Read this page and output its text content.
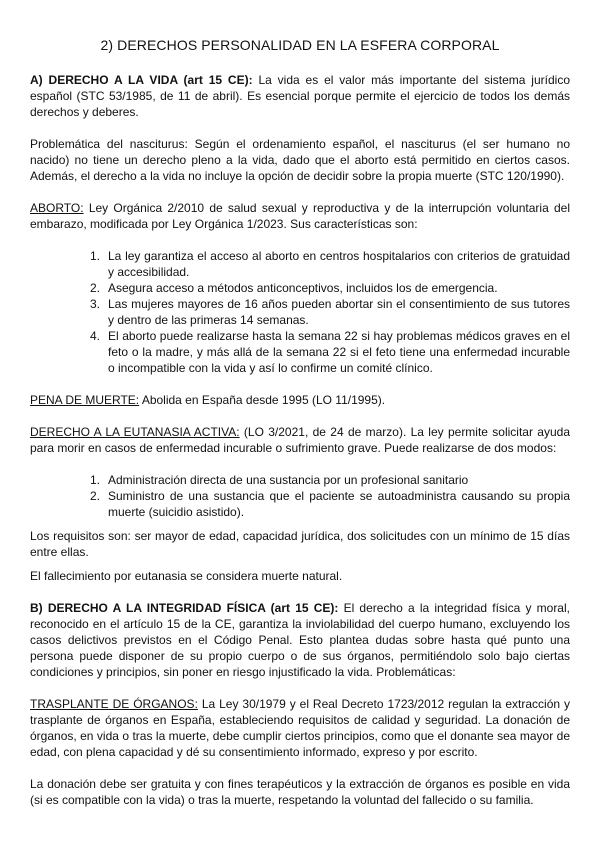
2) DERECHOS PERSONALIDAD EN LA ESFERA CORPORAL

A) DERECHO A LA VIDA (art 15 CE): La vida es el valor más importante del sistema jurídico español (STC 53/1985, de 11 de abril). Es esencial porque permite el ejercicio de todos los demás derechos y deberes.

Problemática del nasciturus: Según el ordenamiento español, el nasciturus (el ser humano no nacido) no tiene un derecho pleno a la vida, dado que el aborto está permitido en ciertos casos. Además, el derecho a la vida no incluye la opción de decidir sobre la propia muerte (STC 120/1990).

ABORTO: Ley Orgánica 2/2010 de salud sexual y reproductiva y de la interrupción voluntaria del embarazo, modificada por Ley Orgánica 1/2023. Sus características son:

1. La ley garantiza el acceso al aborto en centros hospitalarios con criterios de gratuidad y accesibilidad.
2. Asegura acceso a métodos anticonceptivos, incluidos los de emergencia.
3. Las mujeres mayores de 16 años pueden abortar sin el consentimiento de sus tutores y dentro de las primeras 14 semanas.
4. El aborto puede realizarse hasta la semana 22 si hay problemas médicos graves en el feto o la madre, y más allá de la semana 22 si el feto tiene una enfermedad incurable o incompatible con la vida y así lo confirme un comité clínico.

PENA DE MUERTE: Abolida en España desde 1995 (LO 11/1995).

DERECHO A LA EUTANASIA ACTIVA: (LO 3/2021, de 24 de marzo). La ley permite solicitar ayuda para morir en casos de enfermedad incurable o sufrimiento grave. Puede realizarse de dos modos:

1. Administración directa de una sustancia por un profesional sanitario
2. Suministro de una sustancia que el paciente se autoadministra causando su propia muerte (suicidio asistido).

Los requisitos son: ser mayor de edad, capacidad jurídica, dos solicitudes con un mínimo de 15 días entre ellas.

El fallecimiento por eutanasia se considera muerte natural.

B) DERECHO A LA INTEGRIDAD FÍSICA (art 15 CE): El derecho a la integridad física y moral, reconocido en el artículo 15 de la CE, garantiza la inviolabilidad del cuerpo humano, excluyendo los casos delictivos previstos en el Código Penal. Esto plantea dudas sobre hasta qué punto una persona puede disponer de su propio cuerpo o de sus órganos, permitiéndolo solo bajo ciertas condiciones y principios, sin poner en riesgo injustificado la vida. Problemáticas:

TRASPLANTE DE ÓRGANOS: La Ley 30/1979 y el Real Decreto 1723/2012 regulan la extracción y trasplante de órganos en España, estableciendo requisitos de calidad y seguridad. La donación de órganos, en vida o tras la muerte, debe cumplir ciertos principios, como que el donante sea mayor de edad, con plena capacidad y dé su consentimiento informado, expreso y por escrito.

La donación debe ser gratuita y con fines terapéuticos y la extracción de órganos es posible en vida (si es compatible con la vida) o tras la muerte, respetando la voluntad del fallecido o su familia.
